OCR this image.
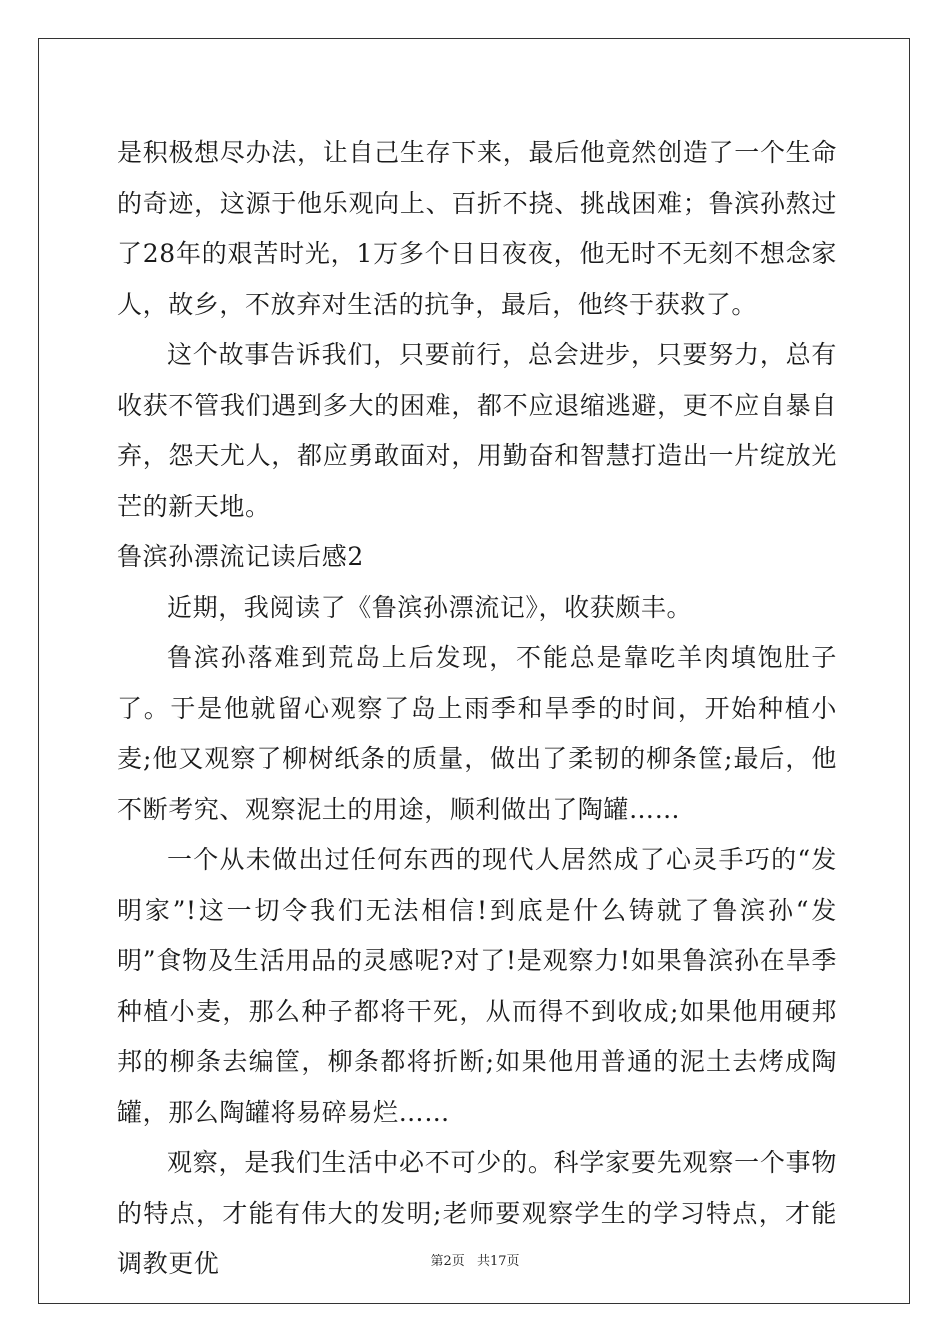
是积极想尽办法，让自己生存下来，最后他竟然创造了一个生命的奇迹，这源于他乐观向上、百折不挠、挑战困难；鲁滨孙熬过了28年的艰苦时光，1万多个日日夜夜，他无时不无刻不想念家人，故乡，不放弃对生活的抗争，最后，他终于获救了。

这个故事告诉我们，只要前行，总会进步，只要努力，总有收获不管我们遇到多大的困难，都不应退缩逃避，更不应自暴自弃，怨天尤人，都应勇敢面对，用勤奋和智慧打造出一片绽放光芒的新天地。

鲁滨孙漂流记读后感2

近期，我阅读了《鲁滨孙漂流记》，收获颇丰。

鲁滨孙落难到荒岛上后发现，不能总是靠吃羊肉填饱肚子了。于是他就留心观察了岛上雨季和旱季的时间，开始种植小麦;他又观察了柳树纸条的质量，做出了柔韧的柳条筐;最后，他不断考究、观察泥土的用途，顺利做出了陶罐……

一个从未做出过任何东西的现代人居然成了心灵手巧的“发明家”!这一切令我们无法相信!到底是什么铸就了鲁滨孙“发明”食物及生活用品的灵感呢?对了!是观察力!如果鲁滨孙在旱季种植小麦，那么种子都将干死，从而得不到收成;如果他用硬邦邦的柳条去编筐，柳条都将折断;如果他用普通的泥土去烤成陶罐，那么陶罐将易碎易烂……

观察，是我们生活中必不可少的。科学家要先观察一个事物的特点，才能有伟大的发明;老师要观察学生的学习特点，才能调教更优	第2页 共17页
